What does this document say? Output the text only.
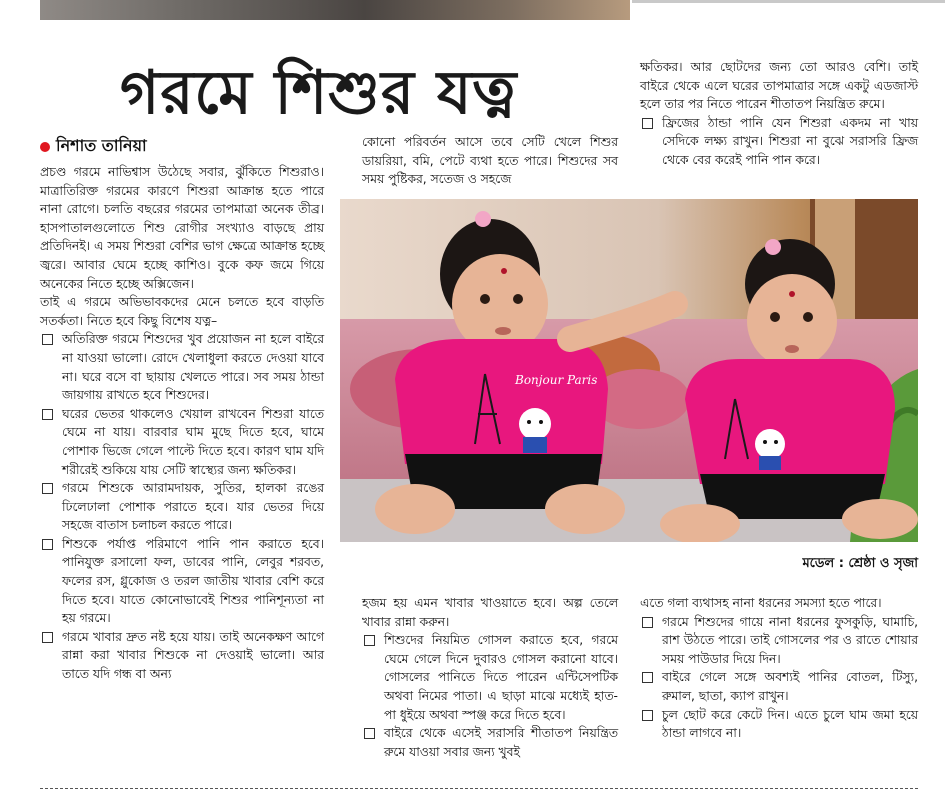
গরমে শিশুর যত্ন
নিশাত তানিয়া

প্রচণ্ড গরমে নাভিশ্বাস উঠেছে সবার, ঝুঁকিতে শিশুরাও। মাত্রাতিরিক্ত গরমের কারণে শিশুরা আক্রান্ত হতে পারে নানা রোগে। চলতি বছরের গরমের তাপমাত্রা অনেক তীব্র। হাসপাতালগুলোতে শিশু রোগীর সংখ্যাও বাড়ছে প্রায় প্রতিদিনই। এ সময় শিশুরা বেশির ভাগ ক্ষেত্রে আক্রান্ত হচ্ছে জ্বরে। আবার ঘেমে হচ্ছে কাশিও। বুকে কফ জমে গিয়ে অনেকের নিতে হচ্ছে অক্সিজেন।

তাই এ গরমে অভিভাবকদের মেনে চলতে হবে বাড়তি সতর্কতা। নিতে হবে কিছু বিশেষ যত্ন–

অতিরিক্ত গরমে শিশুদের খুব প্রয়োজন না হলে বাইরে না যাওয়া ভালো। রোদে খেলাধুলা করতে দেওয়া যাবে না। ঘরে বসে বা ছায়ায় খেলতে পারে। সব সময় ঠান্ডা জায়গায় রাখতে হবে শিশুদের।
ঘরের ভেতর থাকলেও খেয়াল রাখবেন শিশুরা যাতে ঘেমে না যায়। বারবার ঘাম মুছে দিতে হবে, ঘামে পোশাক ভিজে গেলে পাল্টে দিতে হবে। কারণ ঘাম যদি শরীরেই শুকিয়ে যায় সেটি স্বাস্থ্যের জন্য ক্ষতিকর।
গরমে শিশুকে আরামদায়ক, সুতির, হালকা রঙের ঢিলেঢালা পোশাক পরাতে হবে। যার ভেতর দিয়ে সহজে বাতাস চলাচল করতে পারে।
শিশুকে পর্যাপ্ত পরিমাণে পানি পান করাতে হবে। পানিযুক্ত রসালো ফল, ডাবের পানি, লেবুর শরবত, ফলের রস, গ্লুকোজ ও তরল জাতীয় খাবার বেশি করে দিতে হবে। যাতে কোনোভাবেই শিশুর পানিশূন্যতা না হয় গরমে।
গরমে খাবার দ্রুত নষ্ট হয়ে যায়। তাই অনেকক্ষণ আগে রান্না করা খাবার শিশুকে না দেওয়াই ভালো। আর তাতে যদি গন্ধ বা অন্য

কোনো পরিবর্তন আসে তবে সেটি খেলে শিশুর ডায়রিয়া, বমি, পেটে ব্যথা হতে পারে। শিশুদের সব সময় পুষ্টিকর, সতেজ ও সহজে

ক্ষতিকর। আর ছোটদের জন্য তো আরও বেশি। তাই বাইরে থেকে এলে ঘরের তাপমাত্রার সঙ্গে একটু এডজাস্ট হলে তার পর নিতে পারেন শীতাতপ নিয়ন্ত্রিত রুমে।

ফ্রিজের ঠান্ডা পানি যেন শিশুরা একদম না খায় সেদিকে লক্ষ্য রাখুন। শিশুরা না বুঝে সরাসরি ফ্রিজ থেকে বের করেই পানি পান করে।
Bonjour Paris
মডেল : শ্রেষ্ঠা ও সৃজা

হজম হয় এমন খাবার খাওয়াতে হবে। অল্প তেলে খাবার রান্না করুন।

শিশুদের নিয়মিত গোসল করাতে হবে, গরমে ঘেমে গেলে দিনে দুবারও গোসল করানো যাবে। গোসলের পানিতে দিতে পারেন এন্টিসেপটিক অথবা নিমের পাতা। এ ছাড়া মাঝে মধ্যেই হাত-পা ধুইয়ে অথবা স্পঞ্জ করে দিতে হবে।
বাইরে থেকে এসেই সরাসরি শীতাতপ নিয়ন্ত্রিত রুমে যাওয়া সবার জন্য খুবই

এতে গলা ব্যথাসহ নানা ধরনের সমস্যা হতে পারে।

গরমে শিশুদের গায়ে নানা ধরনের ফুসকুড়ি, ঘামাচি, রাশ উঠতে পারে। তাই গোসলের পর ও রাতে শোয়ার সময় পাউডার দিয়ে দিন।
বাইরে গেলে সঙ্গে অবশ্যই পানির বোতল, টিস্যু, রুমাল, ছাতা, ক্যাপ রাখুন।
চুল ছোট করে কেটে দিন। এতে চুলে ঘাম জমা হয়ে ঠান্ডা লাগবে না।
